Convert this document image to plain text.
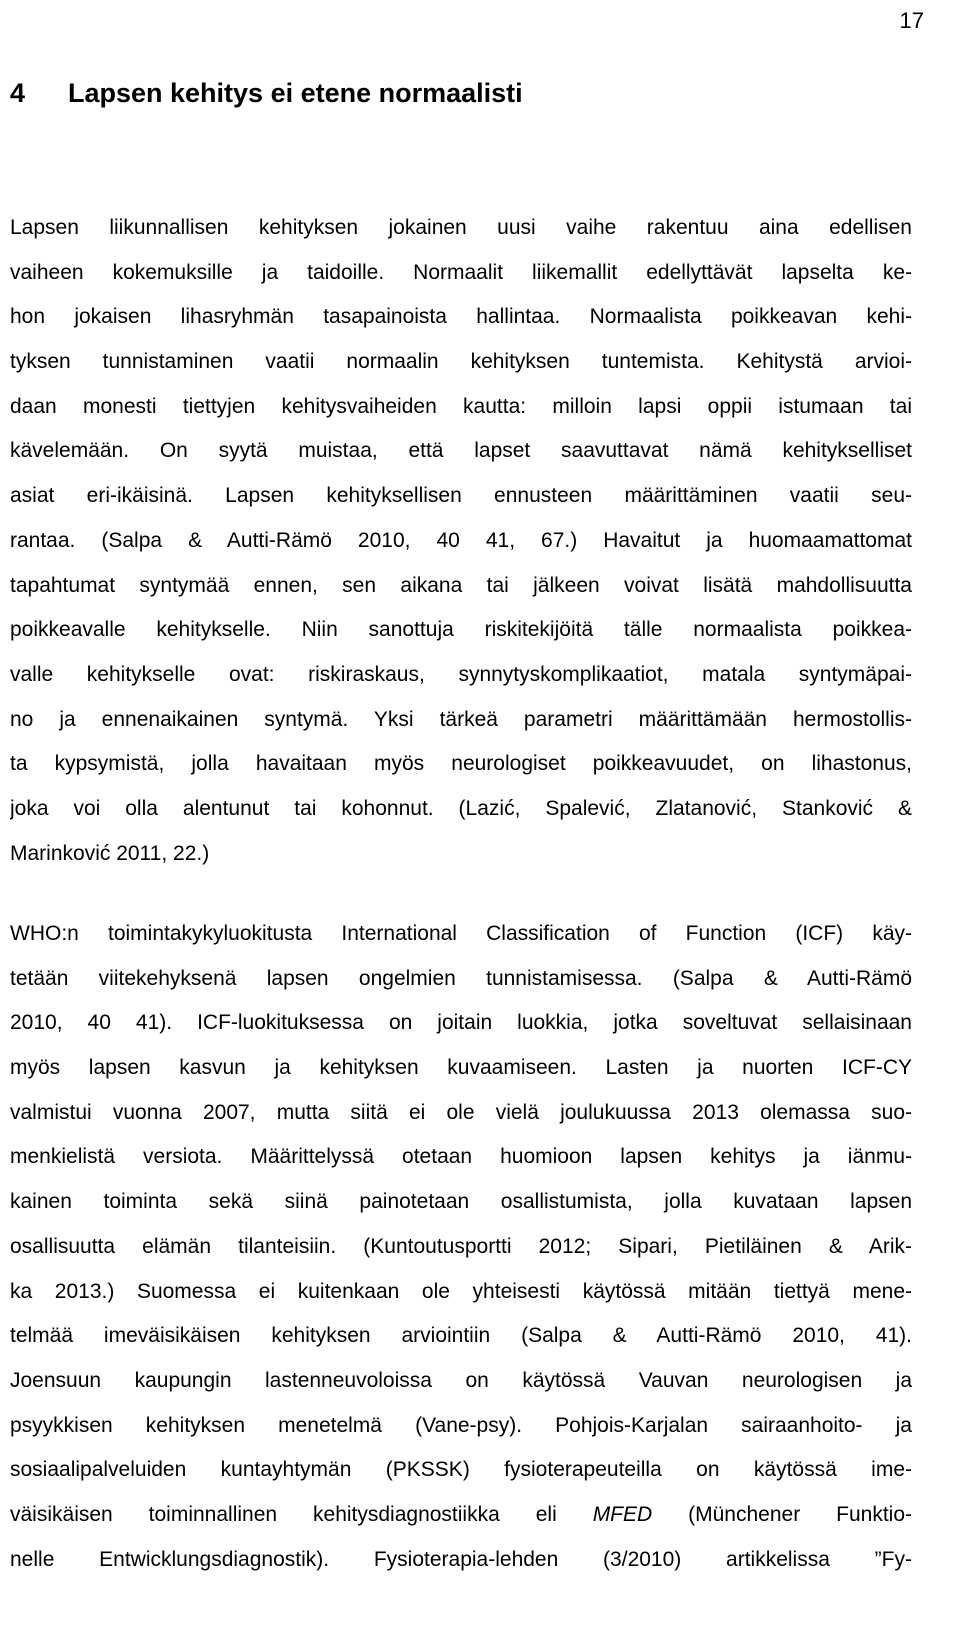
17
4 Lapsen kehitys ei etene normaalisti
Lapsen liikunnallisen kehityksen jokainen uusi vaihe rakentuu aina edellisen
vaiheen kokemuksille ja taidoille. Normaalit liikemallit edellyttävät lapselta ke-
hon jokaisen lihasryhmän tasapainoista hallintaa. Normaalista poikkeavan kehi-
tyksen tunnistaminen vaatii normaalin kehityksen tuntemista. Kehitystä arvioi-
daan monesti tiettyjen kehitysvaiheiden kautta: milloin lapsi oppii istumaan tai
kävelemään. On syytä muistaa, että lapset saavuttavat nämä kehitykselliset
asiat eri-ikäisinä. Lapsen kehityksellisen ennusteen määrittäminen vaatii seu-
rantaa. (Salpa & Autti-Rämö 2010, 40 41, 67.) Havaitut ja huomaamattomat
tapahtumat syntymää ennen, sen aikana tai jälkeen voivat lisätä mahdollisuutta
poikkeavalle kehitykselle. Niin sanottuja riskitekijöitä tälle normaalista poikkea-
valle kehitykselle ovat: riskiraskaus, synnytyskomplikaatiot, matala syntymäpai-
no ja ennenaikainen syntymä. Yksi tärkeä parametri määrittämään hermostollis-
ta kypsymistä, jolla havaitaan myös neurologiset poikkeavuudet, on lihastonus,
joka voi olla alentunut tai kohonnut. (Lazić, Spalević, Zlatanović, Stanković &
Marinković 2011, 22.)
WHO:n toimintakykyluokitusta International Classification of Function (ICF) käy-
tetään viitekehyksenä lapsen ongelmien tunnistamisessa. (Salpa & Autti-Rämö
2010, 40 41). ICF-luokituksessa on joitain luokkia, jotka soveltuvat sellaisinaan
myös lapsen kasvun ja kehityksen kuvaamiseen. Lasten ja nuorten ICF-CY
valmistui vuonna 2007, mutta siitä ei ole vielä joulukuussa 2013 olemassa suo-
menkielistä versiota. Määrittelyssä otetaan huomioon lapsen kehitys ja iänmu-
kainen toiminta sekä siinä painotetaan osallistumista, jolla kuvataan lapsen
osallisuutta elämän tilanteisiin. (Kuntoutusportti 2012; Sipari, Pietiläinen & Arik-
ka 2013.) Suomessa ei kuitenkaan ole yhteisesti käytössä mitään tiettyä mene-
telmää imeväisikäisen kehityksen arviointiin (Salpa & Autti-Rämö 2010, 41).
Joensuun kaupungin lastenneuvoloissa on käytössä Vauvan neurologisen ja
psyykkisen kehityksen menetelmä (Vane-psy). Pohjois-Karjalan sairaanhoito- ja
sosiaalipalveluiden kuntayhtymän (PKSSK) fysioterapeuteilla on käytössä ime-
väisikäisen toiminnallinen kehitysdiagnostiikka eli MFED (Münchener Funktio-
nelle Entwicklungsdiagnostik). Fysioterapia-lehden (3/2010) artikkelissa ”Fy-
